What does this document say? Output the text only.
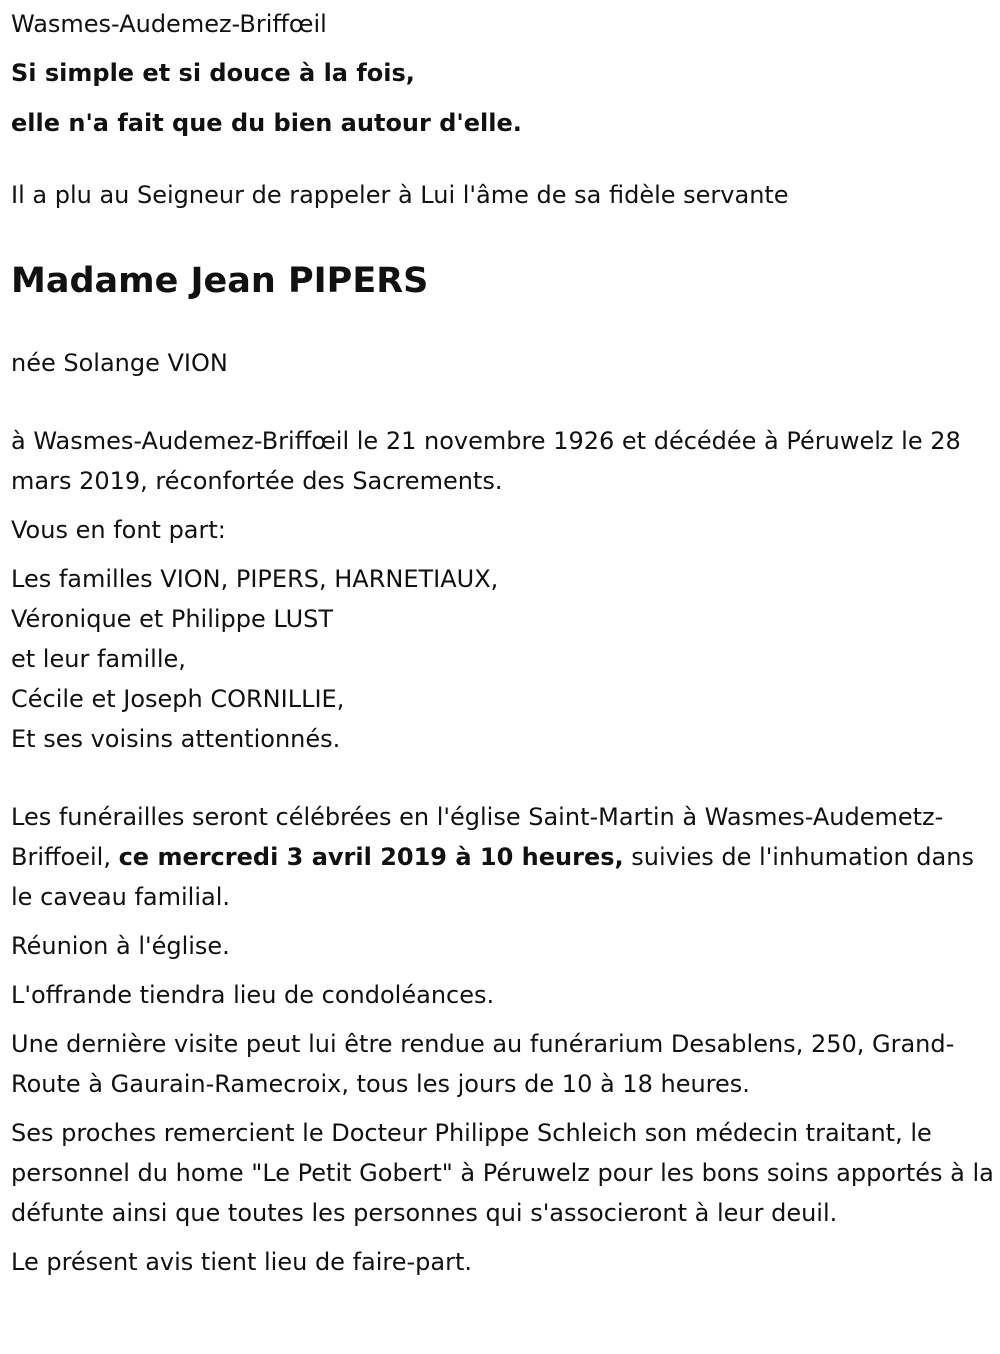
Wasmes-Audemez-Briffœil

Si simple et si douce à la fois,

elle n'a fait que du bien autour d'elle.

Il a plu au Seigneur de rappeler à Lui l'âme de sa fidèle servante

Madame Jean PIPERS

née Solange VION

à Wasmes-Audemez-Briffœil le 21 novembre 1926 et décédée à Péruwelz le 28 mars 2019, réconfortée des Sacrements.

Vous en font part:

Les familles VION, PIPERS, HARNETIAUX,

Véronique et Philippe LUST

et leur famille,

Cécile et Joseph CORNILLIE,

Et ses voisins attentionnés.

Les funérailles seront célébrées en l'église Saint-Martin à Wasmes-Audemetz-Briffoeil, ce mercredi 3 avril 2019 à 10 heures, suivies de l'inhumation dans le caveau familial.

Réunion à l'église.

L'offrande tiendra lieu de condoléances.

Une dernière visite peut lui être rendue au funérarium Desablens, 250, Grand-Route à Gaurain-Ramecroix, tous les jours de 10 à 18 heures.

Ses proches remercient le Docteur Philippe Schleich son médecin traitant, le personnel du home "Le Petit Gobert" à Péruwelz pour les bons soins apportés à la défunte ainsi que toutes les personnes qui s'associeront à leur deuil.

Le présent avis tient lieu de faire-part.
